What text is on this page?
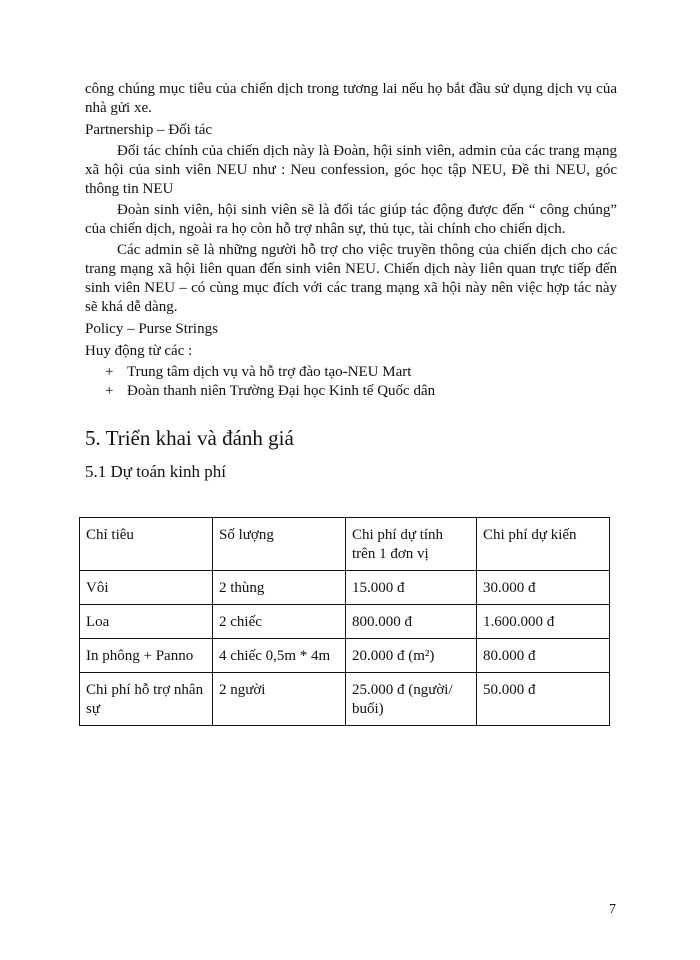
công chúng mục tiêu của chiến dịch trong tương lai nếu họ bắt đầu sử dụng dịch vụ của nhà gửi xe.

Partnership – Đối tác

Đối tác chính của chiến dịch này là Đoàn, hội sinh viên, admin của các trang mạng xã hội của sinh viên NEU như : Neu confession, góc học tập NEU, Đề thi NEU, góc thông tin NEU

Đoàn sinh viên, hội sinh viên sẽ là đối tác giúp tác động được đến “ công chúng” của chiến dịch, ngoài ra họ còn hỗ trợ nhân sự, thủ tục, tài chính cho chiến dịch.

Các admin sẽ là những người hỗ trợ cho việc truyền thông của chiến dịch cho các trang mạng xã hội liên quan đến sinh viên NEU. Chiến dịch này liên quan trực tiếp đến sinh viên NEU – có cùng mục đích với các trang mạng xã hội này nên việc hợp tác này sẽ khá dễ dàng.

Policy – Purse Strings
Huy động từ các :
+ Trung tâm dịch vụ và hỗ trợ đào tạo-NEU Mart
+ Đoàn thanh niên Trường Đại học Kinh tế Quốc dân
5. Triển khai và đánh giá
5.1 Dự toán kinh phí
Chỉ tiêu	Số lượng	Chi phí dự tính trên 1 đơn vị	Chi phí dự kiến
Vôi	2 thùng	15.000 đ	30.000 đ
Loa	2 chiếc	800.000 đ	1.600.000 đ
In phông + Panno	4 chiếc 0,5m * 4m	20.000 đ (m²)	80.000 đ
Chi phí hỗ trợ nhân sự	2 người	25.000 đ (người/ buổi)	50.000 đ
7
